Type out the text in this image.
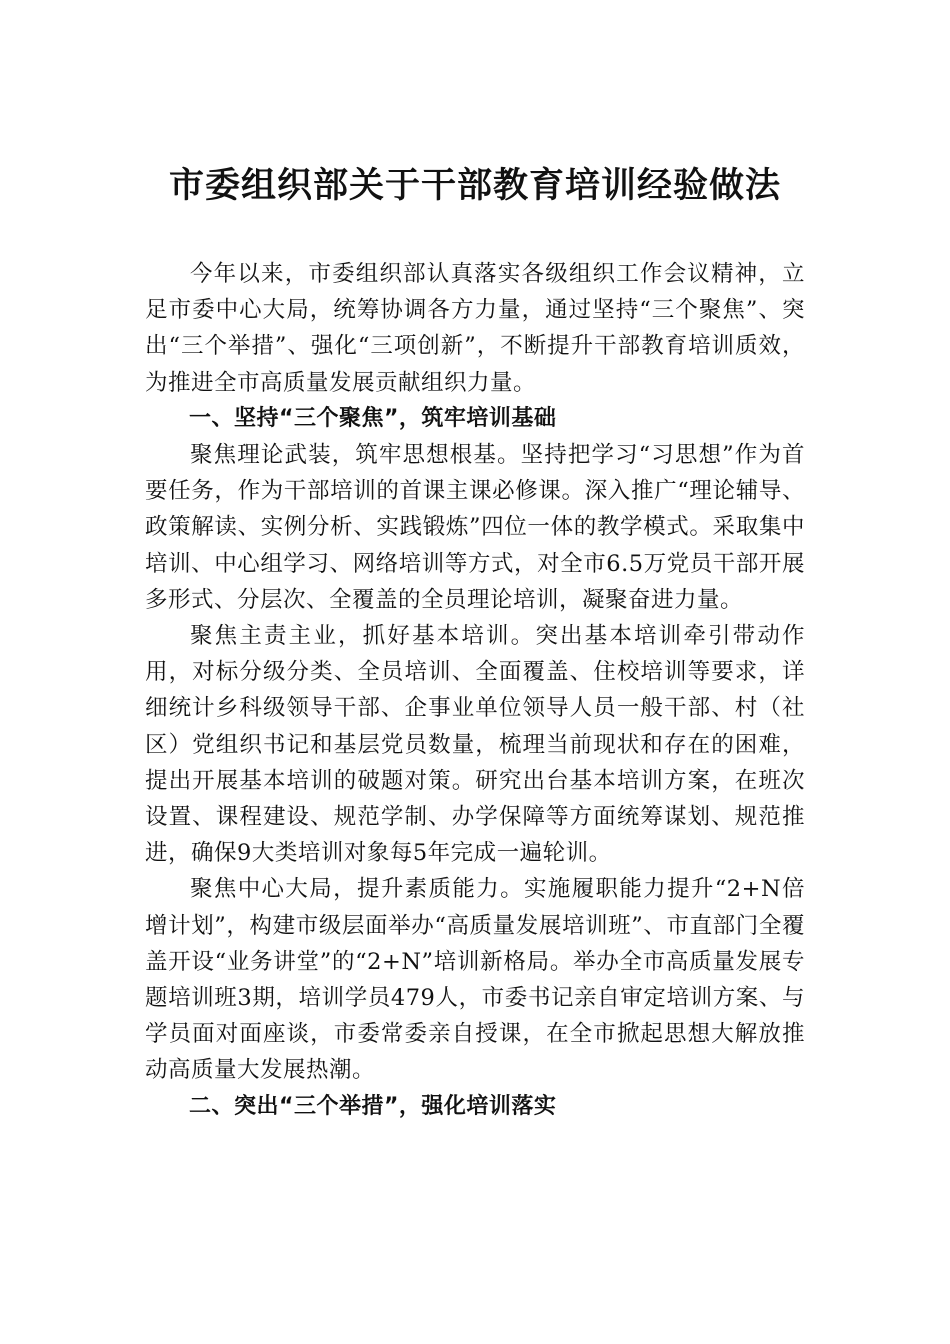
市委组织部关于干部教育培训经验做法

今年以来，市委组织部认真落实各级组织工作会议精神，立足市委中心大局，统筹协调各方力量，通过坚持“三个聚焦”、突出“三个举措”、强化“三项创新”，不断提升干部教育培训质效，为推进全市高质量发展贡献组织力量。

一、坚持“三个聚焦”，筑牢培训基础

聚焦理论武装，筑牢思想根基。坚持把学习“习思想”作为首要任务，作为干部培训的首课主课必修课。深入推广“理论辅导、政策解读、实例分析、实践锻炼”四位一体的教学模式。采取集中培训、中心组学习、网络培训等方式，对全市6.5万党员干部开展多形式、分层次、全覆盖的全员理论培训，凝聚奋进力量。

聚焦主责主业，抓好基本培训。突出基本培训牵引带动作用，对标分级分类、全员培训、全面覆盖、住校培训等要求，详细统计乡科级领导干部、企事业单位领导人员一般干部、村（社区）党组织书记和基层党员数量，梳理当前现状和存在的困难，提出开展基本培训的破题对策。研究出台基本培训方案，在班次设置、课程建设、规范学制、办学保障等方面统筹谋划、规范推进，确保9大类培训对象每5年完成一遍轮训。

聚焦中心大局，提升素质能力。实施履职能力提升“2+N倍增计划”，构建市级层面举办“高质量发展培训班”、市直部门全覆盖开设“业务讲堂”的“2+N”培训新格局。举办全市高质量发展专题培训班3期，培训学员479人，市委书记亲自审定培训方案、与学员面对面座谈，市委常委亲自授课，在全市掀起思想大解放推动高质量大发展热潮。

二、突出“三个举措”，强化培训落实
